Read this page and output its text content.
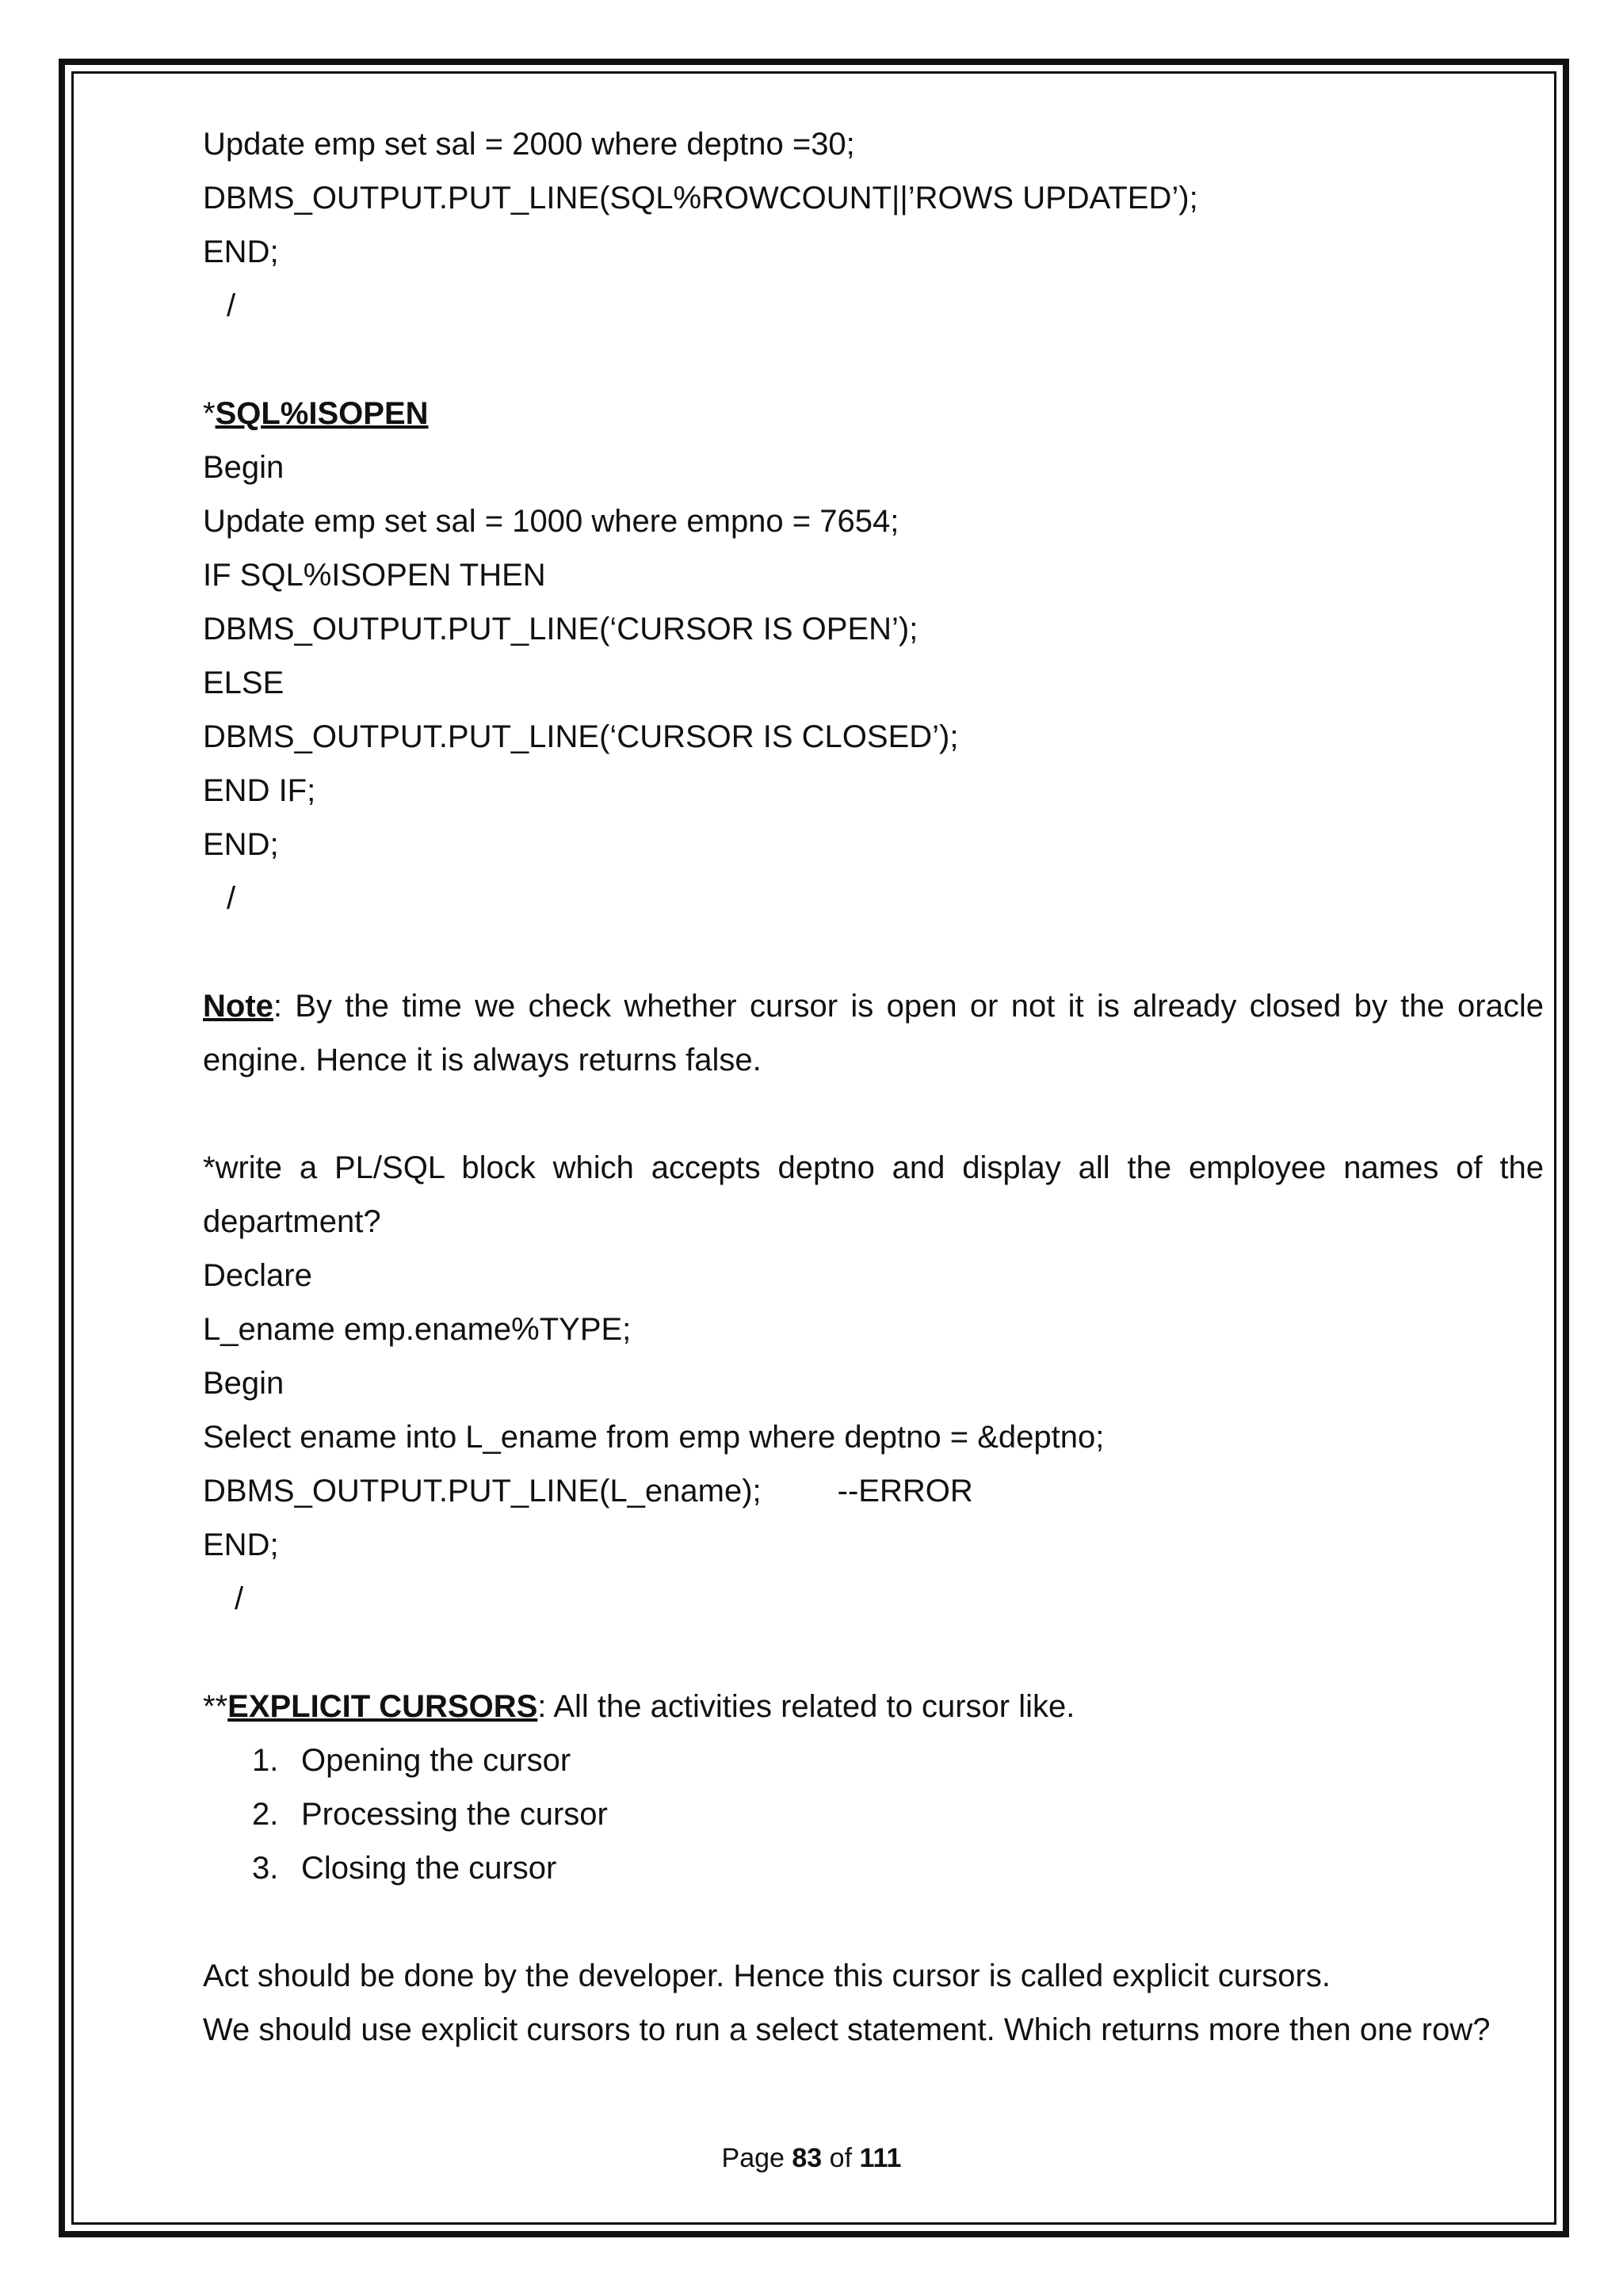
Update emp set sal = 2000 where deptno =30;
DBMS_OUTPUT.PUT_LINE(SQL%ROWCOUNT||’ROWS UPDATED’);
END;
/
*SQL%ISOPEN
Begin
Update emp set sal = 1000 where empno = 7654;
IF SQL%ISOPEN THEN
DBMS_OUTPUT.PUT_LINE(‘CURSOR IS OPEN’);
ELSE
DBMS_OUTPUT.PUT_LINE(‘CURSOR IS CLOSED’);
END IF;
END;
/
Note: By the time we check whether cursor is open or not it is already closed by the oracle engine. Hence it is always returns false.
*write a PL/SQL block which accepts deptno and display all the employee names of the department?
Declare
L_ename emp.ename%TYPE;
Begin
Select ename into L_ename from emp where deptno = &deptno;
DBMS_OUTPUT.PUT_LINE(L_ename); --ERROR
END;
/
**EXPLICIT CURSORS: All the activities related to cursor like.
1. Opening the cursor
2. Processing the cursor
3. Closing the cursor
Act should be done by the developer. Hence this cursor is called explicit cursors.
We should use explicit cursors to run a select statement. Which returns more then one row?
Page 83 of 111
